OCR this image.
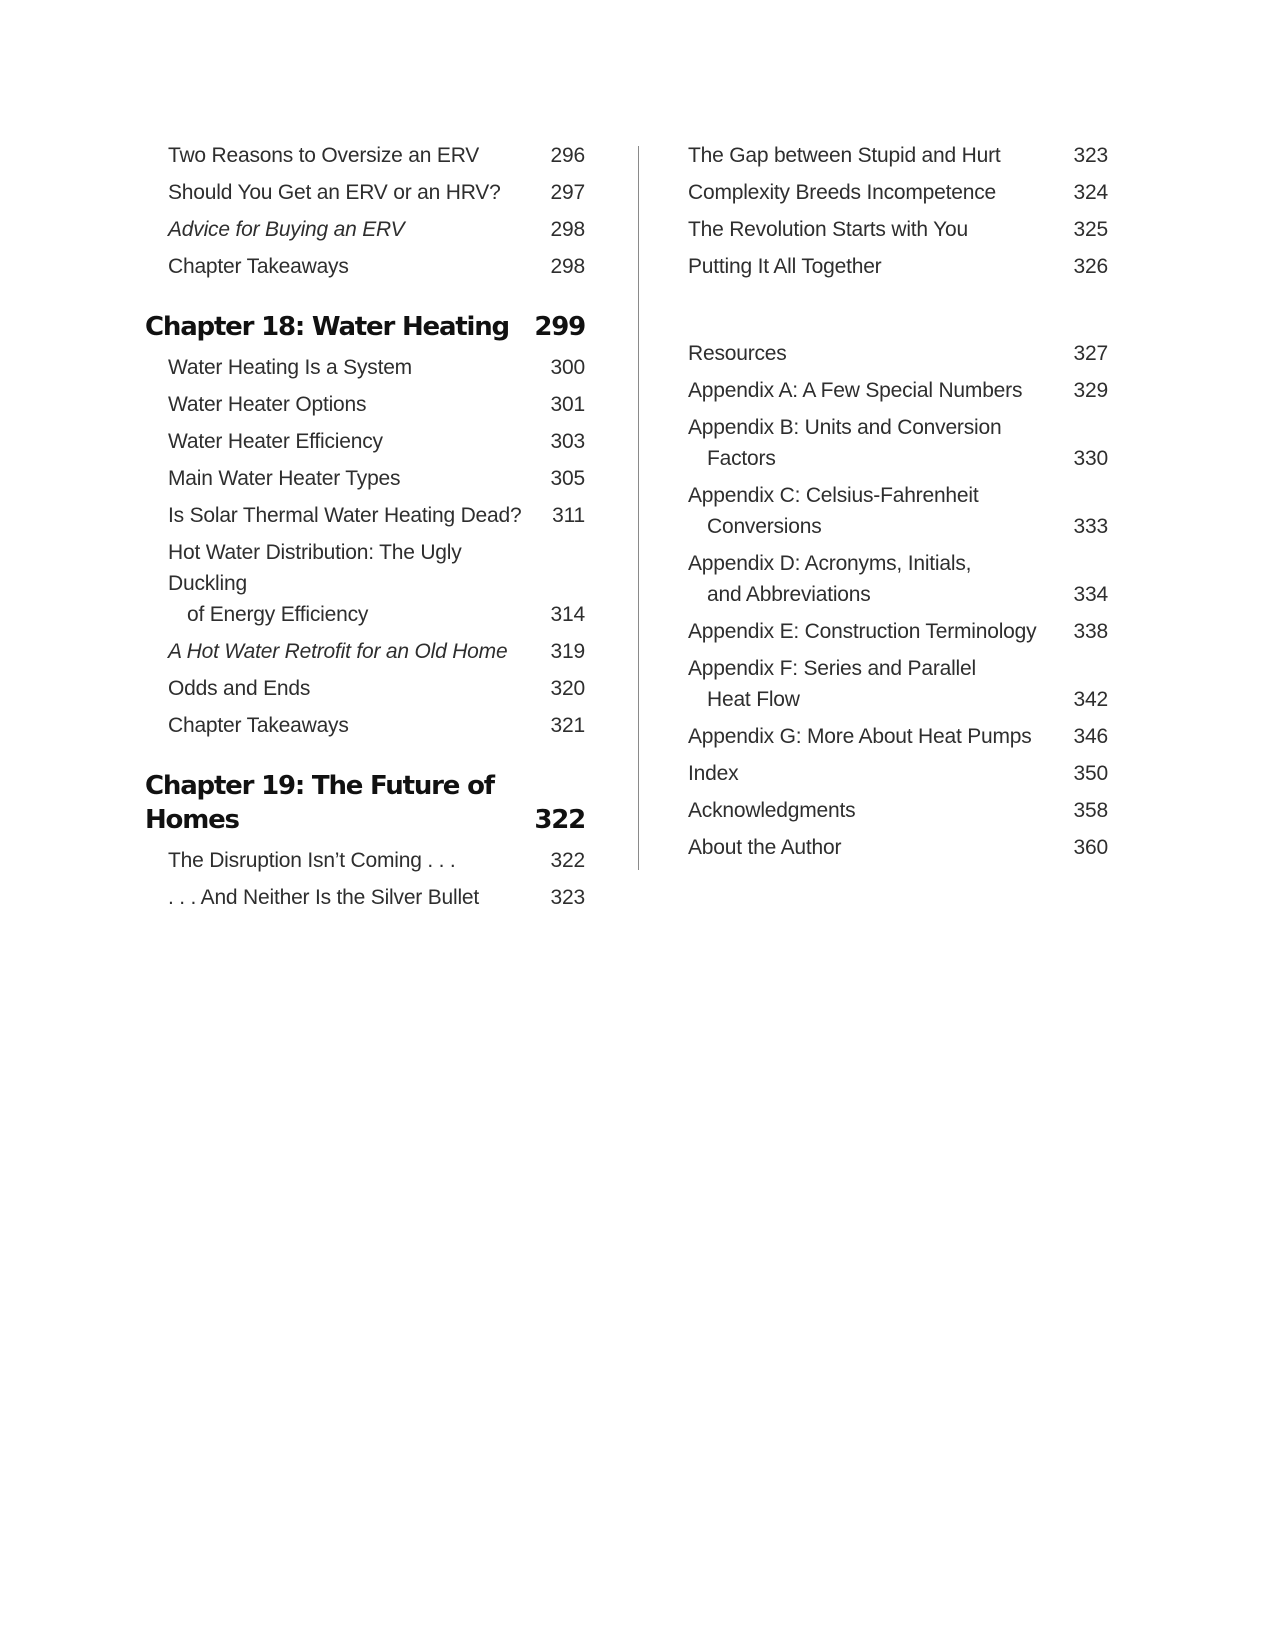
Two Reasons to Oversize an ERV	296
Should You Get an ERV or an HRV?	297
Advice for Buying an ERV	298
Chapter Takeaways	298
Chapter 18: Water Heating 299
Water Heating Is a System	300
Water Heater Options	301
Water Heater Efficiency	303
Main Water Heater Types	305
Is Solar Thermal Water Heating Dead?	311
Hot Water Distribution: The Ugly Duckling
of Energy Efficiency	314
A Hot Water Retrofit for an Old Home	319
Odds and Ends	320
Chapter Takeaways	321
Chapter 19: The Future of Homes	322
The Disruption Isn’t Coming . . .	322
. . . And Neither Is the Silver Bullet	323
The Gap between Stupid and Hurt	323
Complexity Breeds Incompetence	324
The Revolution Starts with You	325
Putting It All Together	326
Resources	327
Appendix A: A Few Special Numbers	329
Appendix B: Units and Conversion
Factors	330
Appendix C: Celsius-Fahrenheit
Conversions	333
Appendix D: Acronyms, Initials,
and Abbreviations	334
Appendix E: Construction Terminology	338
Appendix F: Series and Parallel
Heat Flow	342
Appendix G: More About Heat Pumps	346
Index	350
Acknowledgments	358
About the Author	360
